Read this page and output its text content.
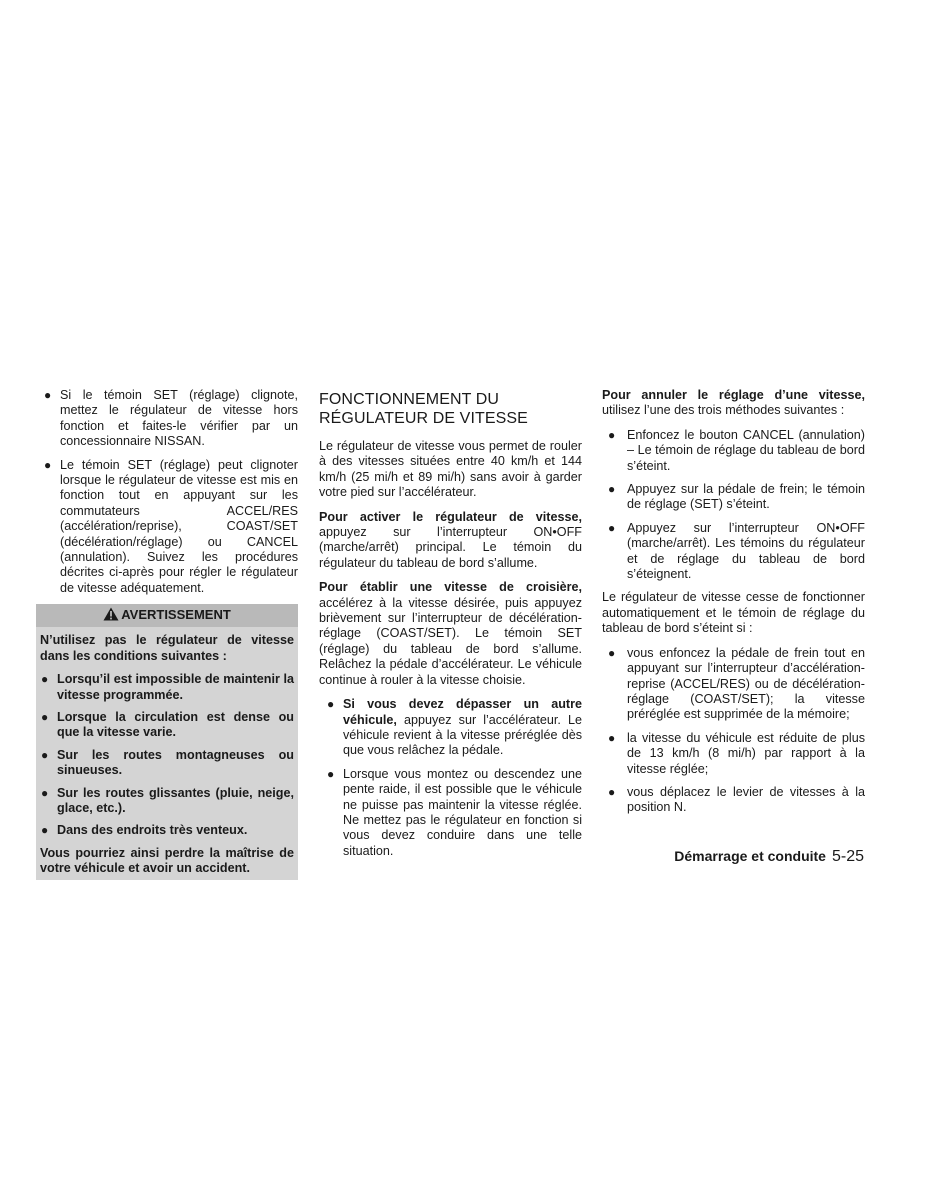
● Si le témoin SET (réglage) clignote, mettez le régulateur de vitesse hors fonction et faites-le vérifier par un concessionnaire NISSAN.
● Le témoin SET (réglage) peut clignoter lorsque le régulateur de vitesse est mis en fonction tout en appuyant sur les commutateurs ACCEL/RES (accélération/reprise), COAST/SET (décélération/réglage) ou CANCEL (annulation). Suivez les procédures décrites ci-après pour régler le régulateur de vitesse adéquatement.
AVERTISSEMENT

N’utilisez pas le régulateur de vitesse dans les conditions suivantes :

● Lorsqu’il est impossible de maintenir la vitesse programmée.
● Lorsque la circulation est dense ou que la vitesse varie.
● Sur les routes montagneuses ou sinueuses.
● Sur les routes glissantes (pluie, neige, glace, etc.).
● Dans des endroits très venteux.

Vous pourriez ainsi perdre la maîtrise de votre véhicule et avoir un accident.

FONCTIONNEMENT DU
RÉGULATEUR DE VITESSE

Le régulateur de vitesse vous permet de rouler à des vitesses situées entre 40 km/h et 144 km/h (25 mi/h et 89 mi/h) sans avoir à garder votre pied sur l’accélérateur.

Pour activer le régulateur de vitesse, appuyez sur l’interrupteur ON•OFF (marche/arrêt) principal. Le témoin du régulateur du tableau de bord s’allume.

Pour établir une vitesse de croisière, accélérez à la vitesse désirée, puis appuyez brièvement sur l’interrupteur de décélération-réglage (COAST/SET). Le témoin SET (réglage) du tableau de bord s’allume. Relâchez la pédale d’accélérateur. Le véhicule continue à rouler à la vitesse choisie.

● Si vous devez dépasser un autre véhicule, appuyez sur l’accélérateur. Le véhicule revient à la vitesse préréglée dès que vous relâchez la pédale.
● Lorsque vous montez ou descendez une pente raide, il est possible que le véhicule ne puisse pas maintenir la vitesse réglée. Ne mettez pas le régulateur en fonction si vous devez conduire dans une telle situation.

Pour annuler le réglage d’une vitesse, utilisez l’une des trois méthodes suivantes :

● Enfoncez le bouton CANCEL (annulation) – Le témoin de réglage du tableau de bord s’éteint.
● Appuyez sur la pédale de frein; le témoin de réglage (SET) s’éteint.
● Appuyez sur l’interrupteur ON•OFF (marche/arrêt). Les témoins du régulateur et de réglage du tableau de bord s’éteignent.

Le régulateur de vitesse cesse de fonctionner automatiquement et le témoin de réglage du tableau de bord s’éteint si :

● vous enfoncez la pédale de frein tout en appuyant sur l’interrupteur d’accélération-reprise (ACCEL/RES) ou de décélération-réglage (COAST/SET); la vitesse préréglée est supprimée de la mémoire;
● la vitesse du véhicule est réduite de plus de 13 km/h (8 mi/h) par rapport à la vitesse réglée;
● vous déplacez le levier de vitesses à la position N.
Démarrage et conduite 5-25
